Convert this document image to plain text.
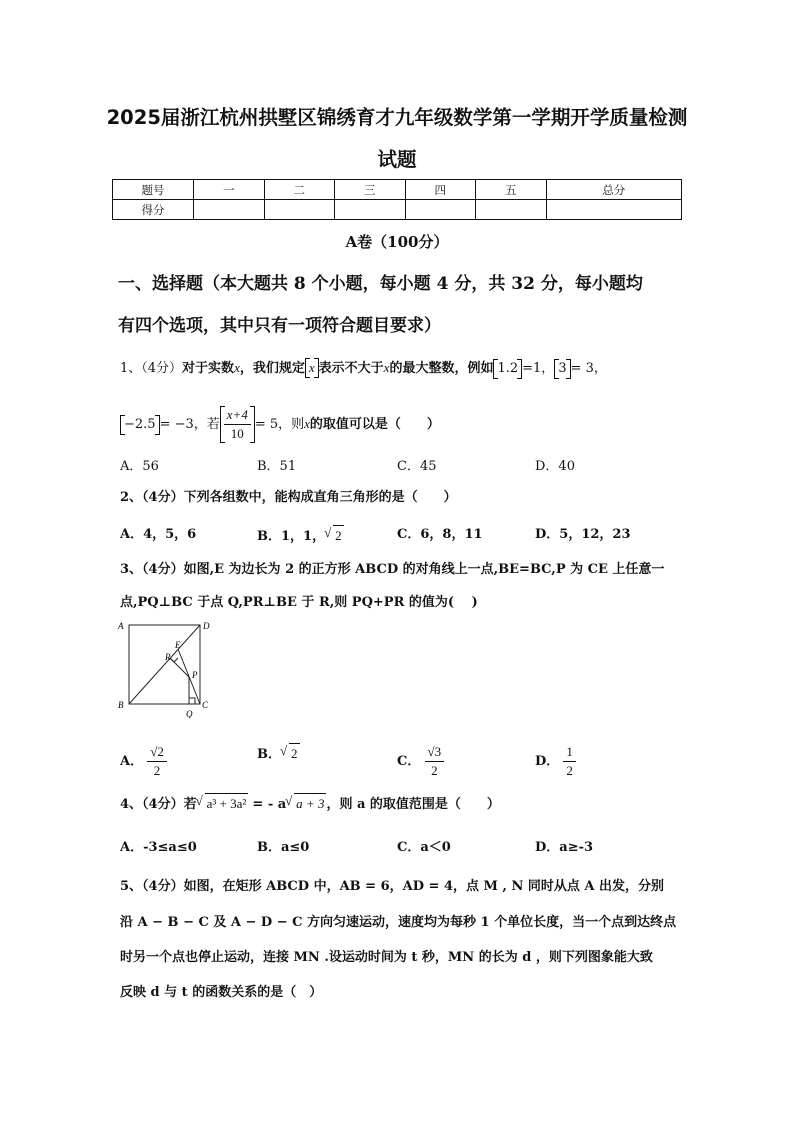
2025届浙江杭州拱墅区锦绣育才九年级数学第一学期开学质量检测
试题
题号	一	二	三	四	五	总分
得分						
A卷（100分）
一、选择题（本大题共 8 个小题，每小题 4 分，共 32 分，每小题均
有四个选项，其中只有一项符合题目要求）
1、（4分）对于实数x，我们规定 x 表示不大于x的最大整数，例如 1.2 =1， 3 = 3，
−2.5 = −3，若 $\frac{x+4}{10} = 5$，则x的取值可以是（　　）
A．56	B．51	C．45	D．40
2、（4分）下列各组数中，能构成直角三角形的是（　　）
A．4，5，6	B．1，1， √ 2	C．6，8，11	D．5，12，23
3、（4分）如图,E 为边长为 2 的正方形 ABCD 的对角线上一点,BE=BC,P 为 CE 上任意一
点,PQ⊥BC 于点 Q,PR⊥BE 于 R,则 PQ+PR 的值为(　 )
A	D
E
R
P
B	C
Q
A． $\frac{√2}{2}$	B． √ 2
C． $\frac{√3}{2}$	D． $\frac{1}{2}$
4、（4分）若 √ a³ + 3a² = - a √ a + 3 ，则 a 的取值范围是（　　）
A．-3≤a≤0	B．a≤0	C．a＜0	D．a≥-3
5、（4分）如图，在矩形 ABCD 中，AB = 6，AD = 4，点 M , N 同时从点 A 出发，分别
沿 A − B − C 及 A − D − C 方向匀速运动，速度均为每秒 1 个单位长度，当一个点到达终点
时另一个点也停止运动，连接 MN .设运动时间为 t 秒，MN 的长为 d ，则下列图象能大致
反映 d 与 t 的函数关系的是（　）
